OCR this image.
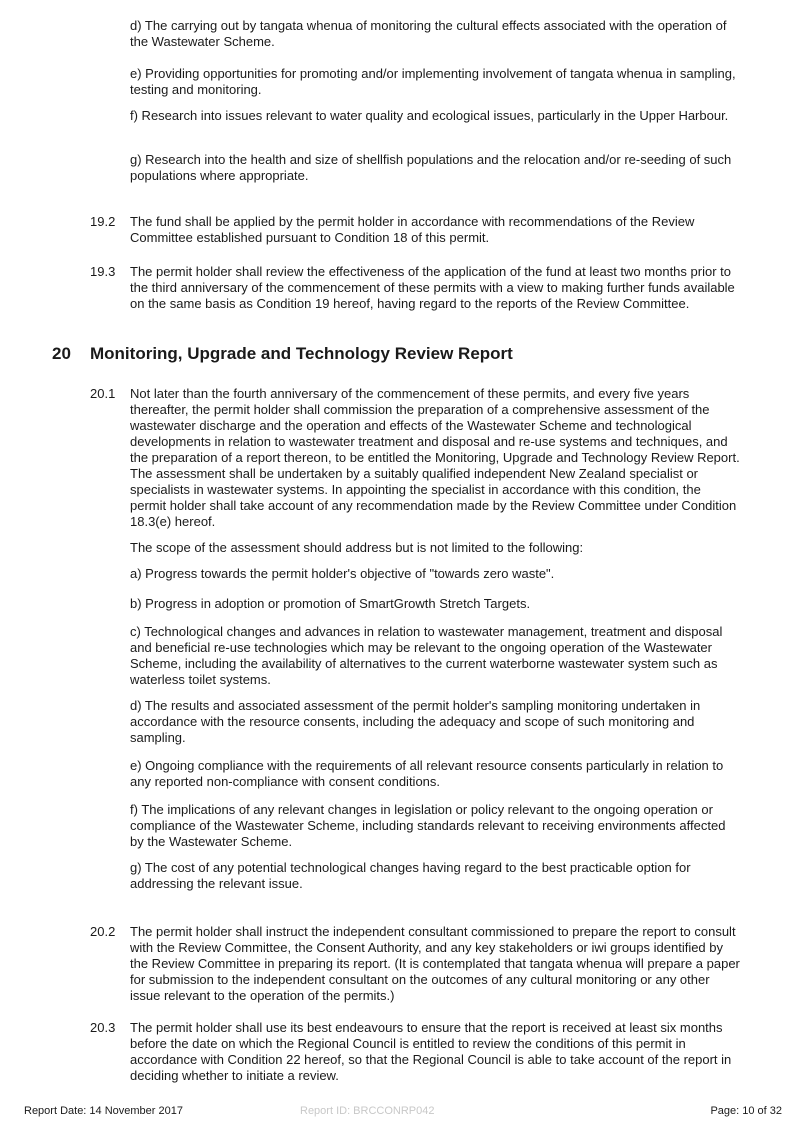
d) The carrying out by tangata whenua of monitoring the cultural effects associated with the operation of the Wastewater Scheme.

e) Providing opportunities for promoting and/or implementing involvement of tangata whenua in sampling, testing and monitoring.

f) Research into issues relevant to water quality and ecological issues, particularly in the Upper Harbour.

g) Research into the health and size of shellfish populations and the relocation and/or re-seeding of such populations where appropriate.

19.2	The fund shall be applied by the permit holder in accordance with recommendations of the Review Committee established pursuant to Condition 18 of this permit.

19.3	The permit holder shall review the effectiveness of the application of the fund at least two months prior to the third anniversary of the commencement of these permits with a view to making further funds available on the same basis as Condition 19 hereof, having regard to the reports of the Review Committee.

20 Monitoring, Upgrade and Technology Review Report
20.1	Not later than the fourth anniversary of the commencement of these permits, and every five years thereafter, the permit holder shall commission the preparation of a comprehensive assessment of the wastewater discharge and the operation and effects of the Wastewater Scheme and technological developments in relation to wastewater treatment and disposal and re-use systems and techniques, and the preparation of a report thereon, to be entitled the Monitoring, Upgrade and Technology Review Report. The assessment shall be undertaken by a suitably qualified independent New Zealand specialist or specialists in wastewater systems. In appointing the specialist in accordance with this condition, the permit holder shall take account of any recommendation made by the Review Committee under Condition 18.3(e) hereof.

The scope of the assessment should address but is not limited to the following:

a) Progress towards the permit holder's objective of "towards zero waste".

b) Progress in adoption or promotion of SmartGrowth Stretch Targets.

c) Technological changes and advances in relation to wastewater management, treatment and disposal and beneficial re-use technologies which may be relevant to the ongoing operation of the Wastewater Scheme, including the availability of alternatives to the current waterborne wastewater system such as waterless toilet systems.

d) The results and associated assessment of the permit holder's sampling monitoring undertaken in accordance with the resource consents, including the adequacy and scope of such monitoring and sampling.

e) Ongoing compliance with the requirements of all relevant resource consents particularly in relation to any reported non-compliance with consent conditions.

f) The implications of any relevant changes in legislation or policy relevant to the ongoing operation or compliance of the Wastewater Scheme, including standards relevant to receiving environments affected by the Wastewater Scheme.

g) The cost of any potential technological changes having regard to the best practicable option for addressing the relevant issue.

20.2	The permit holder shall instruct the independent consultant commissioned to prepare the report to consult with the Review Committee, the Consent Authority, and any key stakeholders or iwi groups identified by the Review Committee in preparing its report. (It is contemplated that tangata whenua will prepare a paper for submission to the independent consultant on the outcomes of any cultural monitoring or any other issue relevant to the operation of the permits.)

20.3	The permit holder shall use its best endeavours to ensure that the report is received at least six months before the date on which the Regional Council is entitled to review the conditions of this permit in accordance with Condition 22 hereof, so that the Regional Council is able to take account of the report in deciding whether to initiate a review.

Report Date: 14 November 2017	Report ID: BRCCONRP042	Page: 10 of 32
